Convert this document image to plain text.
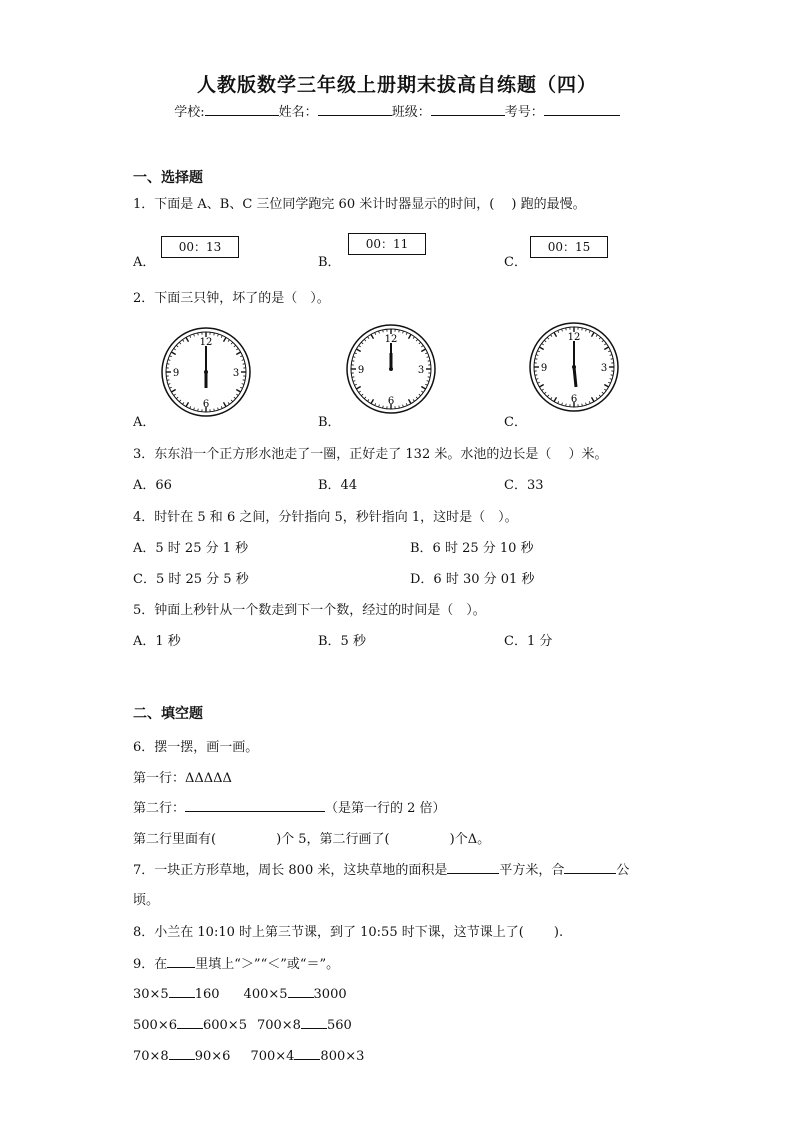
人教版数学三年级上册期末拔高自练题（四）
学校:	姓名：	班级：	考号：
一、选择题
1．下面是 A、B、C 三位同学跑完 60 米计时器显示的时间，(　 ) 跑的最慢。
A．
00：13
B．
00：11
C．
00：15
2．下面三只钟，坏了的是（　）。
A．
12
3
6
9
B．
12
3
6
9
C．
12
3
6
9
3．东东沿一个正方形水池走了一圈，正好走了 132 米。水池的边长是（　 ）米。
A．66	B．44	C．33
4．时针在 5 和 6 之间，分针指向 5，秒针指向 1，这时是（　）。
A．5 时 25 分 1 秒	B．6 时 25 分 10 秒
C．5 时 25 分 5 秒	D．6 时 30 分 01 秒
5．钟面上秒针从一个数走到下一个数，经过的时间是（　）。
A．1 秒	B．5 秒	C．1 分
二、填空题
6．摆一摆，画一画。
第一行：ΔΔΔΔΔ
第二行：	（是第一行的 2 倍）
第二行里面有(	)个 5，第二行画了(	)个Δ。
7．一块正方形草地，周长 800 米，这块草地的面积是	平方米，合	公
顷。
8．小兰在 10:10 时上第三节课，到了 10:55 时下课，这节课上了(　　 ).
9．在 里填上“＞”“＜”或“＝”。
30×5 160 400×5 3000
500×6 600×5 700×8 560
70×8 90×6 700×4 800×3
